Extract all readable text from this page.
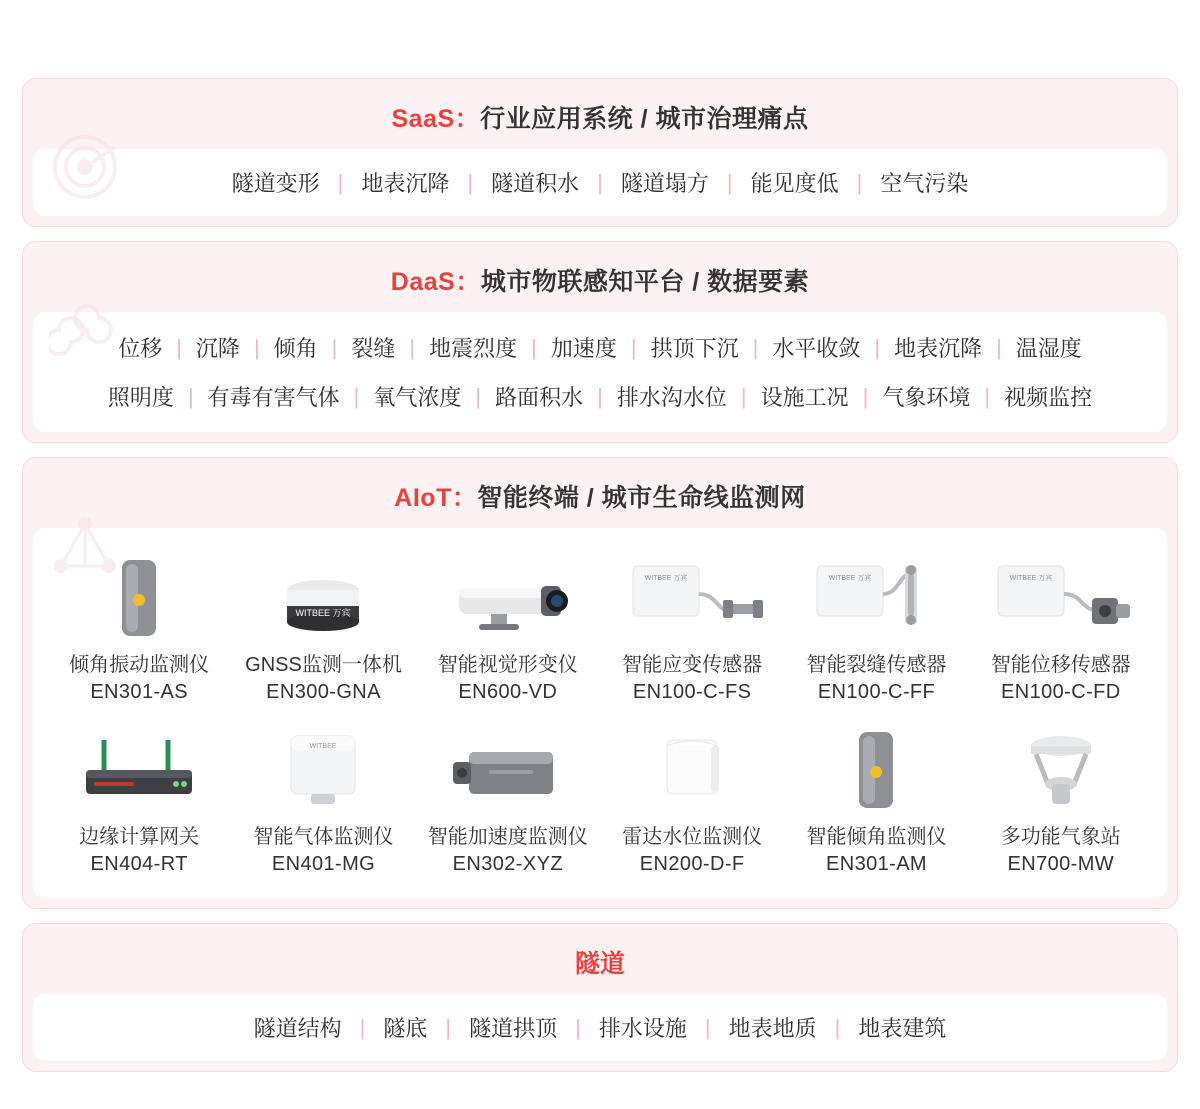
SaaS：行业应用系统 / 城市治理痛点
隧道变形 | 地表沉降 | 隧道积水 | 隧道塌方 | 能见度低 | 空气污染
DaaS：城市物联感知平台 / 数据要素
位移 | 沉降 | 倾角 | 裂缝 | 地震烈度 | 加速度 | 拱顶下沉 | 水平收敛 | 地表沉降 | 温湿度
照明度 | 有毒有害气体 | 氧气浓度 | 路面积水 | 排水沟水位 | 设施工况 | 气象环境 | 视频监控
AIoT：智能终端 / 城市生命线监测网
倾角振动监测仪
EN301-AS
WITBEE 万宾
GNSS监测一体机
EN300-GNA
智能视觉形变仪
EN600-VD
WITBEE 万宾
智能应变传感器
EN100-C-FS
WITBEE 万宾
智能裂缝传感器
EN100-C-FF
WITBEE 万宾
智能位移传感器
EN100-C-FD
边缘计算网关
EN404-RT
WITBEE
智能气体监测仪
EN401-MG
智能加速度监测仪
EN302-XYZ
雷达水位监测仪
EN200-D-F
智能倾角监测仪
EN301-AM
多功能气象站
EN700-MW
隧道
隧道结构 | 隧底 | 隧道拱顶 | 排水设施 | 地表地质 | 地表建筑
